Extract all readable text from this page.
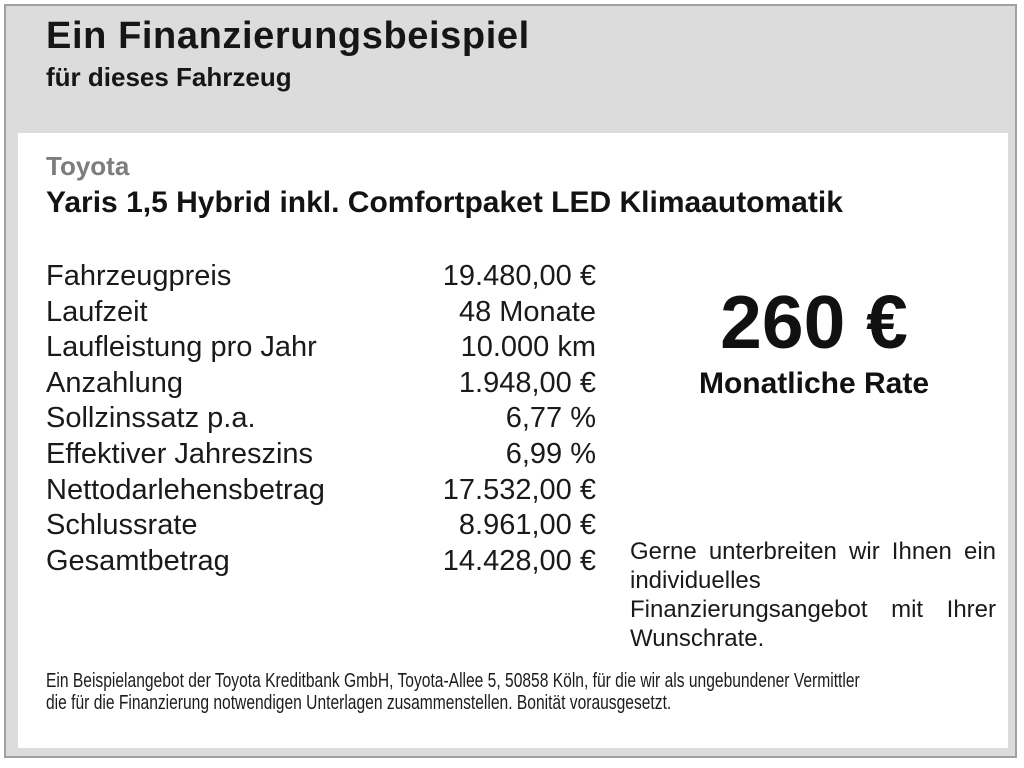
Ein Finanzierungsbeispiel
für dieses Fahrzeug
Toyota
Yaris 1,5 Hybrid inkl. Comfortpaket LED Klimaautomatik
Fahrzeugpreis	19.480,00 €
Laufzeit	48 Monate
Laufleistung pro Jahr	10.000 km
Anzahlung	1.948,00 €
Sollzinssatz p.a.	6,77 %
Effektiver Jahreszins	6,99 %
Nettodarlehensbetrag	17.532,00 €
Schlussrate	8.961,00 €
Gesamtbetrag	14.428,00 €
260 €
Monatliche Rate
Gerne unterbreiten wir Ihnen ein individuelles Finanzierungsangebot mit Ihrer Wunschrate.
Ein Beispielangebot der Toyota Kreditbank GmbH, Toyota-Allee 5, 50858 Köln, für die wir als ungebundener Vermittler
die für die Finanzierung notwendigen Unterlagen zusammenstellen. Bonität vorausgesetzt.
